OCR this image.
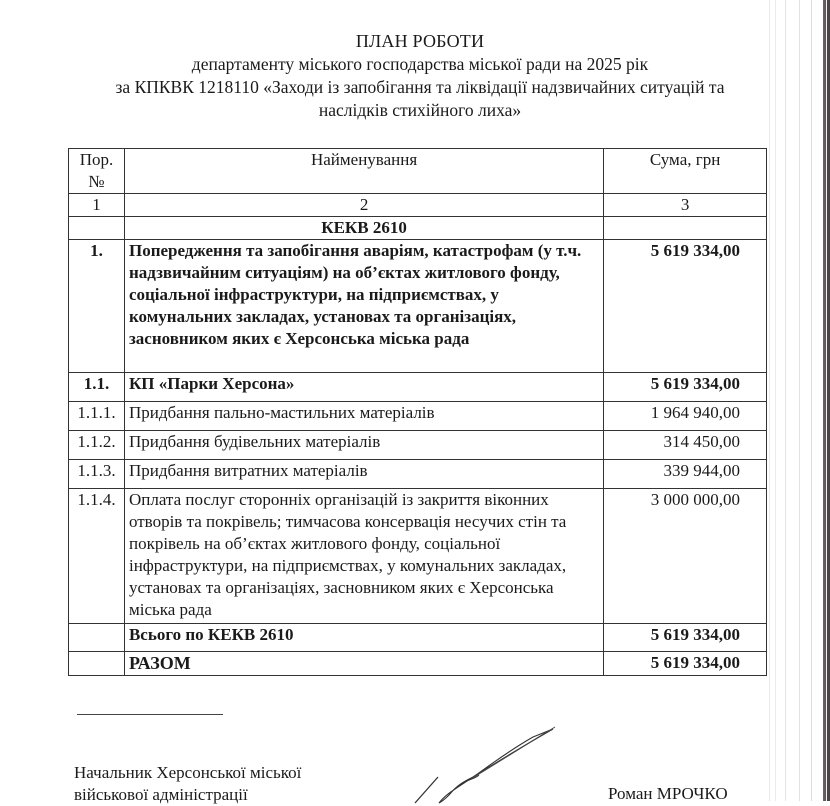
ПЛАН РОБОТИ
департаменту міського господарства міської ради на 2025 рік
за КПКВК 1218110 «Заходи із запобігання та ліквідації надзвичайних ситуацій та
наслідків стихійного лиха»
Пор. №	Найменування	Сума, грн
1	2	3
	КЕКВ 2610	
1.	Попередження та запобігання аваріям, катастрофам (у т.ч. надзвичайним ситуаціям) на об’єктах житлового фонду, соціальної інфраструктури, на підприємствах, у комунальних закладах, установах та організаціях, засновником яких є Херсонська міська рада	5 619 334,00
1.1.	КП «Парки Херсона»	5 619 334,00
1.1.1.	Придбання пально-мастильних матеріалів	1 964 940,00
1.1.2.	Придбання будівельних матеріалів	314 450,00
1.1.3.	Придбання витратних матеріалів	339 944,00
1.1.4.	Оплата послуг сторонніх організацій із закриття віконних отворів та покрівель; тимчасова консервація несучих стін та покрівель на об’єктах житлового фонду, соціальної інфраструктури, на підприємствах, у комунальних закладах, установах та організаціях, засновником яких є Херсонська міська рада	3 000 000,00
	Всього по КЕКВ 2610	5 619 334,00
	РАЗОМ	5 619 334,00
Начальник Херсонської міської
військової адміністрації	Роман МРОЧКО
